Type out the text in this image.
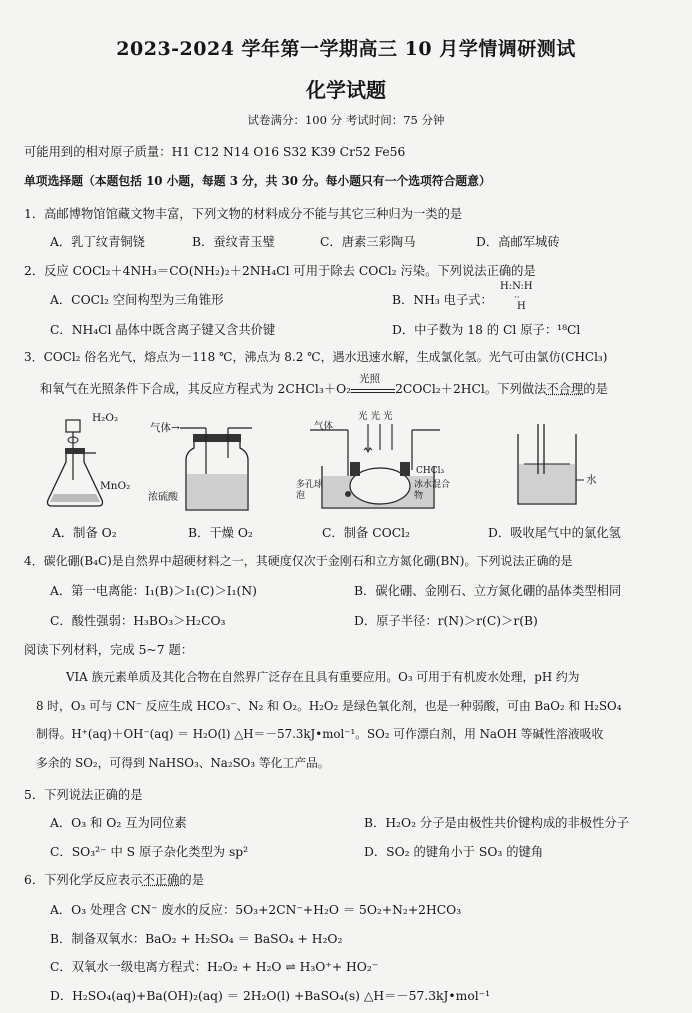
2023-2024 学年第一学期高三 10 月学情调研测试
化学试题
试卷满分：100 分 考试时间：75 分钟
可能用到的相对原子质量：H1 C12 N14 O16 S32 K39 Cr52 Fe56
单项选择题（本题包括 10 小题，每题 3 分，共 30 分。每小题只有一个选项符合题意）
1．高邮博物馆馆藏文物丰富，下列文物的材料成分不能与其它三种归为一类的是
A．乳丁纹青铜铙	B．蚕纹青玉璧	C．唐素三彩陶马	D．高邮军城砖
2．反应 COCl₂＋4NH₃＝CO(NH₂)₂＋2NH₄Cl 可用于除去 COCl₂ 污染。下列说法正确的是
A．COCl₂ 空间构型为三角锥形	B．NH₃ 电子式：
H:N:H
··
H
C．NH₄Cl 晶体中既含离子键又含共价键	D．中子数为 18 的 Cl 原子：¹⁸Cl
3．COCl₂ 俗名光气，熔点为－118 ℃，沸点为 8.2 ℃，遇水迅速水解，生成氯化氢。光气可由氯仿(CHCl₃)
和氧气在光照条件下合成，其反应方程式为 2CHCl₃＋O₂
光照
2COCl₂＋2HCl。下列做法不合理的是
H₂O₂
MnO₂
气体→
浓硫酸
气体
光 光 光
CHCl₃
多孔球泡
冰水混合物
水
A．制备 O₂	B．干燥 O₂	C．制备 COCl₂	D．吸收尾气中的氯化氢
4．碳化硼(B₄C)是自然界中超硬材料之一，其硬度仅次于金刚石和立方氮化硼(BN)。下列说法正确的是
A．第一电离能：I₁(B)＞I₁(C)＞I₁(N)	B．碳化硼、金刚石、立方氮化硼的晶体类型相同
C．酸性强弱：H₃BO₃＞H₂CO₃	D．原子半径：r(N)＞r(C)＞r(B)
阅读下列材料，完成 5~7 题：
VIA 族元素单质及其化合物在自然界广泛存在且具有重要应用。O₃ 可用于有机废水处理，pH 约为
8 时，O₃ 可与 CN⁻ 反应生成 HCO₃⁻、N₂ 和 O₂。H₂O₂ 是绿色氧化剂，也是一种弱酸，可由 BaO₂ 和 H₂SO₄
制得。H⁺(aq)＋OH⁻(aq) ＝ H₂O(l) △H＝－57.3kJ•mol⁻¹。SO₂ 可作漂白剂，用 NaOH 等碱性溶液吸收
多余的 SO₂，可得到 NaHSO₃、Na₂SO₃ 等化工产品。
5．下列说法正确的是
A．O₃ 和 O₂ 互为同位素	B．H₂O₂ 分子是由极性共价键构成的非极性分子
C．SO₃²⁻ 中 S 原子杂化类型为 sp²	D．SO₂ 的键角小于 SO₃ 的键角
6．下列化学反应表示不正确的是
A．O₃ 处理含 CN⁻ 废水的反应：5O₃+2CN⁻+H₂O ＝ 5O₂+N₂+2HCO₃
B．制备双氧水：BaO₂ + H₂SO₄ ＝ BaSO₄ + H₂O₂
C．双氧水一级电离方程式：H₂O₂ + H₂O ⇌ H₃O⁺+ HO₂⁻
D．H₂SO₄(aq)+Ba(OH)₂(aq) ＝ 2H₂O(l) +BaSO₄(s) △H＝－57.3kJ•mol⁻¹
